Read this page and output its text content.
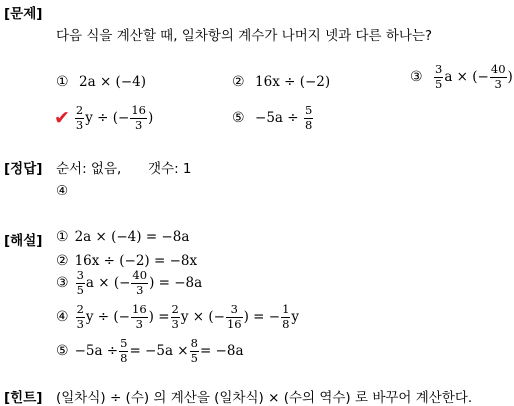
[문제]
다음 식을 계산할 때, 일차항의 계수가 나머지 넷과 다른 하나는?
① 2a × (−4)	② 16x ÷ (−2)	③ $\frac{3}{5}$ a × (− $\frac{40}{3}$ )
✔ $\frac{2}{3}$ y ÷ (− $\frac{16}{3}$ )	⑤ $-5a \div \frac{5}{8}$
[정답] 순서: 없음, 갯수: 1
④
[해설] ① 2a × (−4) = −8a
② 16x ÷ (−2) = −8x
③ $\frac{3}{5}$ a × (− $\frac{40}{3}$ ) = −8a
④ $\frac{2}{3}$ y ÷ (− $\frac{16}{3}$ ) = $\frac{2}{3}$ y × (− $\frac{3}{16}$ ) = − $\frac{1}{8}$ y
⑤ $-5a \div \frac{5}{8} = -5a \times \frac{8}{5} = -8a$
[힌트] (일차식) ÷ (수) 의 계산을 (일차식) × (수의 역수) 로 바꾸어 계산한다.
